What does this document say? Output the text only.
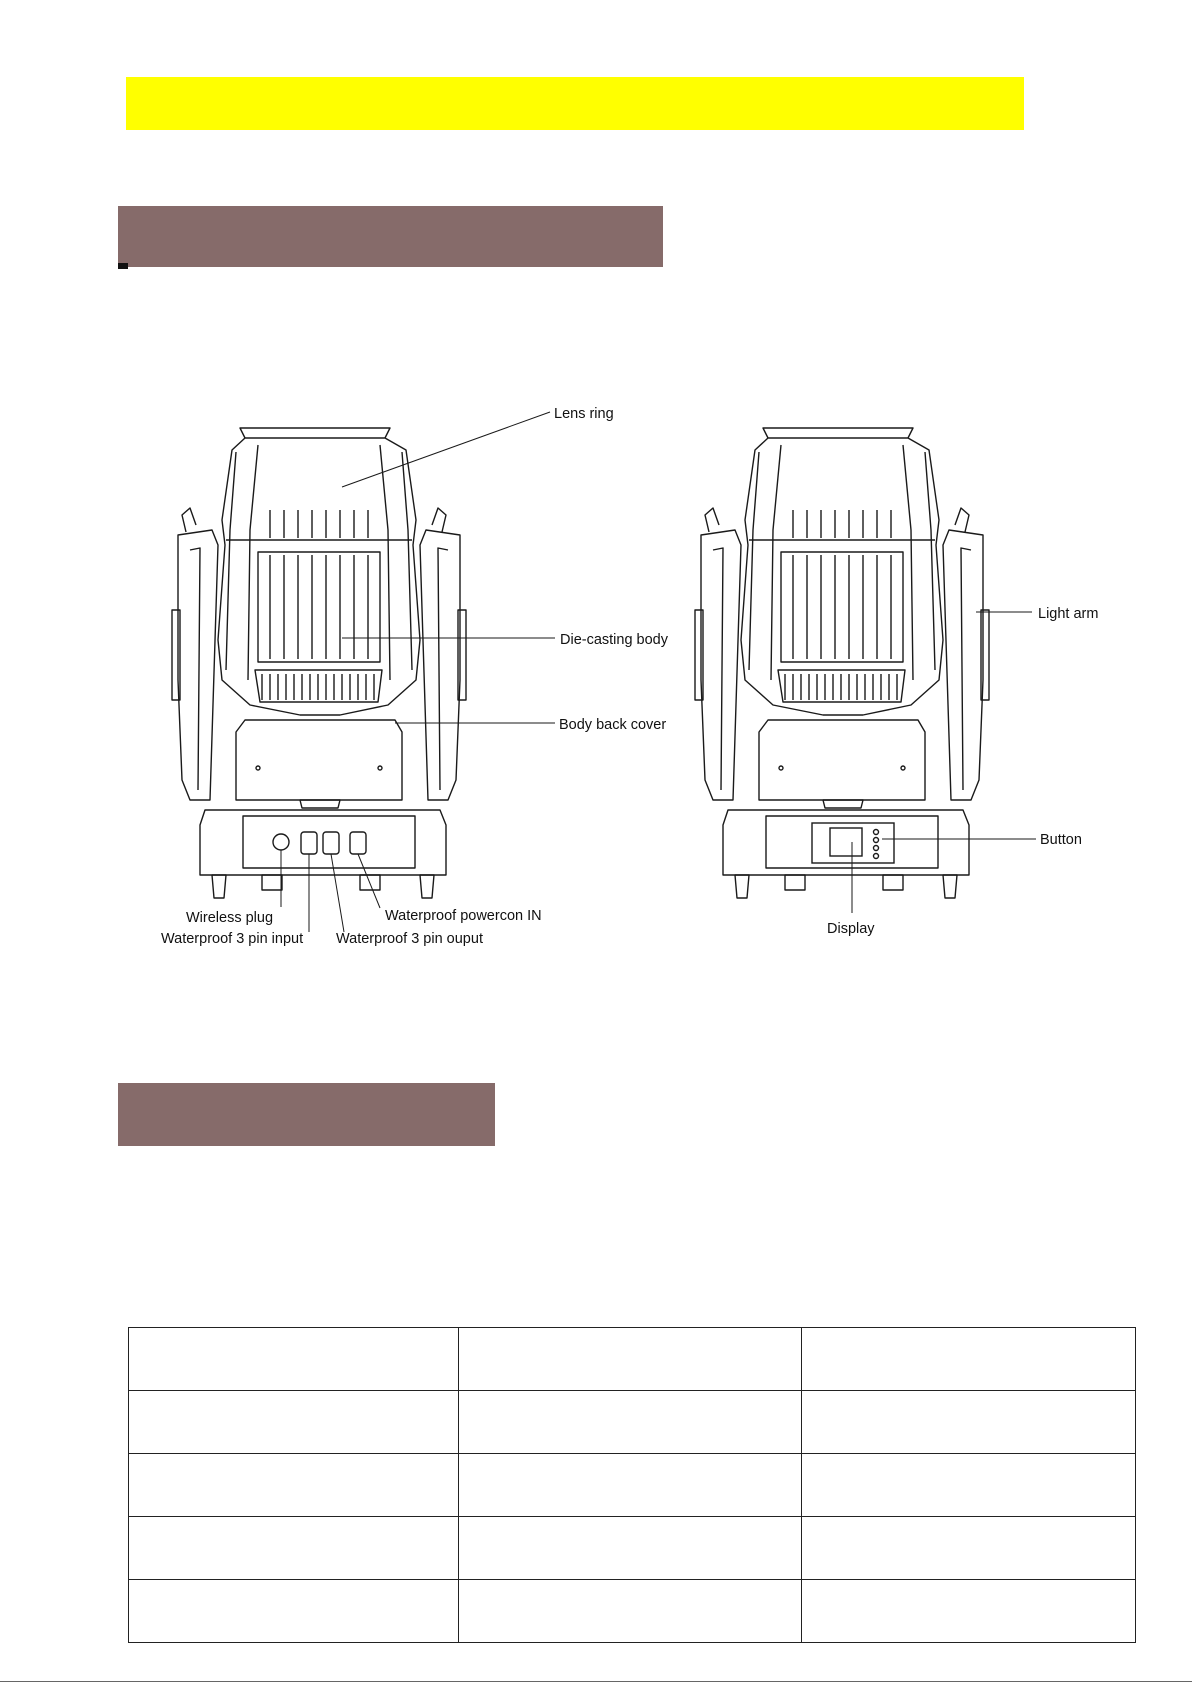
Lens ring
Die-casting body
Body back cover
Wireless plug
Waterproof 3 pin input Waterproof 3 pin ouput
Waterproof powercon IN
Light arm
Button
Display
